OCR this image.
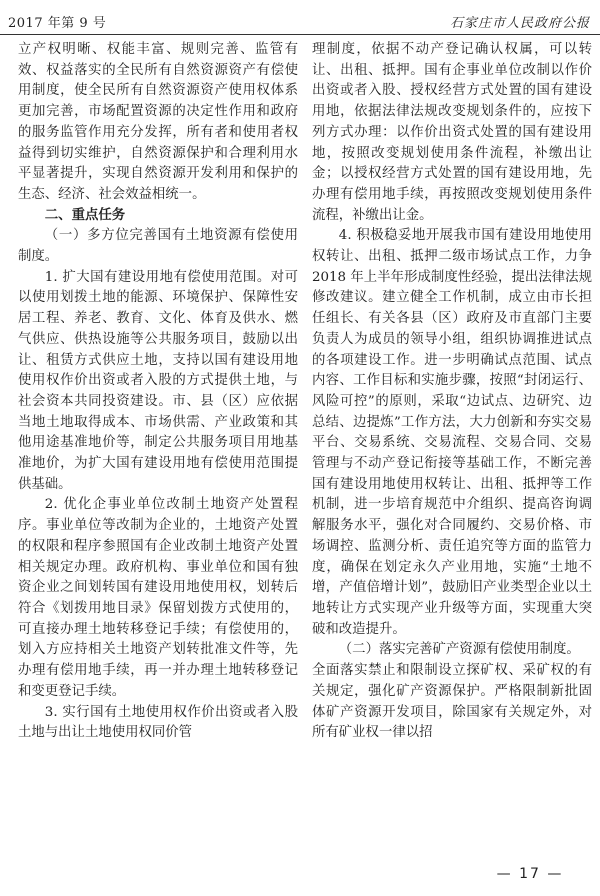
2017 年第 9 号	石家庄市人民政府公报

立产权明晰、权能丰富、规则完善、监管有效、权益落实的全民所有自然资源资产有偿使用制度，使全民所有自然资源资产使用权体系更加完善，市场配置资源的决定性作用和政府的服务监管作用充分发挥，所有者和使用者权益得到切实维护，自然资源保护和合理利用水平显著提升，实现自然资源开发利用和保护的生态、经济、社会效益相统一。

二、重点任务

（一）多方位完善国有土地资源有偿使用制度。

1. 扩大国有建设用地有偿使用范围。对可以使用划拨土地的能源、环境保护、保障性安居工程、养老、教育、文化、体育及供水、燃气供应、供热设施等公共服务项目，鼓励以出让、租赁方式供应土地，支持以国有建设用地使用权作价出资或者入股的方式提供土地，与社会资本共同投资建设。市、县（区）应依据当地土地取得成本、市场供需、产业政策和其他用途基准地价等，制定公共服务项目用地基准地价，为扩大国有建设用地有偿使用范围提供基础。

2. 优化企事业单位改制土地资产处置程序。事业单位等改制为企业的，土地资产处置的权限和程序参照国有企业改制土地资产处置相关规定办理。政府机构、事业单位和国有独资企业之间划转国有建设用地使用权，划转后符合《划拨用地目录》保留划拨方式使用的，可直接办理土地转移登记手续；有偿使用的，划入方应持相关土地资产划转批准文件等，先办理有偿用地手续，再一并办理土地转移登记和变更登记手续。

3. 实行国有土地使用权作价出资或者入股土地与出让土地使用权同价管

理制度，依据不动产登记确认权属，可以转让、出租、抵押。国有企事业单位改制以作价出资或者入股、授权经营方式处置的国有建设用地，依据法律法规改变规划条件的，应按下列方式办理：以作价出资式处置的国有建设用地，按照改变规划使用条件流程，补缴出让金；以授权经营方式处置的国有建设用地，先办理有偿用地手续，再按照改变规划使用条件流程，补缴出让金。

4. 积极稳妥地开展我市国有建设用地使用权转让、出租、抵押二级市场试点工作，力争 2018 年上半年形成制度性经验，提出法律法规修改建议。建立健全工作机制，成立由市长担任组长、有关各县（区）政府及市直部门主要负责人为成员的领导小组，组织协调推进试点的各项建设工作。进一步明确试点范围、试点内容、工作目标和实施步骤，按照“封闭运行、风险可控”的原则，采取“边试点、边研究、边总结、边提炼”工作方法，大力创新和夯实交易平台、交易系统、交易流程、交易合同、交易管理与不动产登记衔接等基础工作，不断完善国有建设用地使用权转让、出租、抵押等工作机制，进一步培育规范中介组织、提高咨询调解服务水平，强化对合同履约、交易价格、市场调控、监测分析、责任追究等方面的监管力度，确保在划定永久产业用地，实施“土地不增，产值倍增计划”，鼓励旧产业类型企业以土地转让方式实现产业升级等方面，实现重大突破和改造提升。

（二）落实完善矿产资源有偿使用制度。

全面落实禁止和限制设立探矿权、采矿权的有关规定，强化矿产资源保护。严格限制新批固体矿产资源开发项目，除国家有关规定外，对所有矿业权一律以招

— 17 —
